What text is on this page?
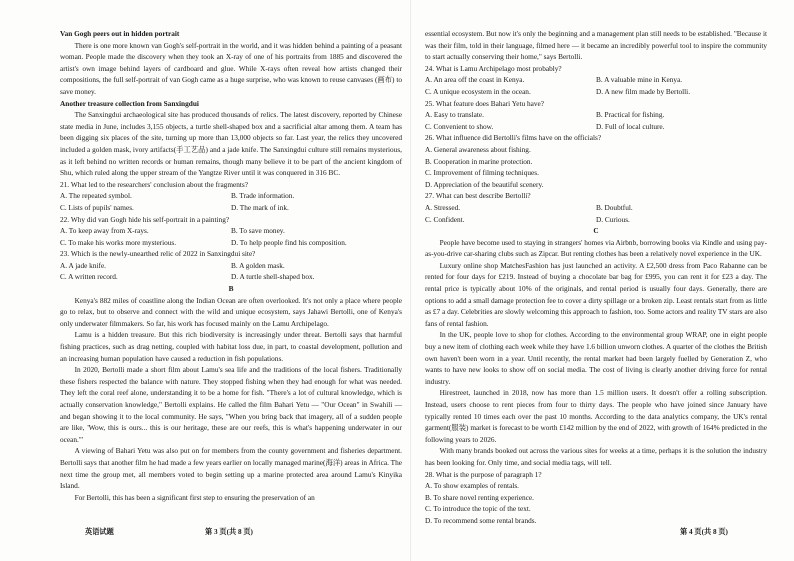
Van Gogh peers out in hidden portrait

There is one more known van Gogh's self-portrait in the world, and it was hidden behind a painting of a peasant woman. People made the discovery when they took an X-ray of one of his portraits from 1885 and discovered the artist's own image behind layers of cardboard and glue. While X-rays often reveal how artists changed their compositions, the full self-portrait of van Gogh came as a huge surprise, who was known to reuse canvases (画布) to save money.

Another treasure collection from Sanxingdui

The Sanxingdui archaeological site has produced thousands of relics. The latest discovery, reported by Chinese state media in June, includes 3,155 objects, a turtle shell-shaped box and a sacrificial altar among them. A team has been digging six places of the site, turning up more than 13,000 objects so far. Last year, the relics they uncovered included a golden mask, ivory artifacts(手工艺品) and a jade knife. The Sanxingdui culture still remains mysterious, as it left behind no written records or human remains, though many believe it to be part of the ancient kingdom of Shu, which ruled along the upper stream of the Yangtze River until it was conquered in 316 BC.

21. What led to the researchers' conclusion about the fragments?

A. The repeated symbol.	B. Trade information.
C. Lists of pupils' names.	D. The mark of ink.

22. Why did van Gogh hide his self-portrait in a painting?

A. To keep away from X-rays.	B. To save money.
C. To make his works more mysterious.	D. To help people find his composition.

23. Which is the newly-unearthed relic of 2022 in Sanxingdui site?

A. A jade knife.	B. A golden mask.
C. A written record.	D. A turtle shell-shaped box.

B

Kenya's 882 miles of coastline along the Indian Ocean are often overlooked. It's not only a place where people go to relax, but to observe and connect with the wild and unique ecosystem, says Jahawi Bertolli, one of Kenya's only underwater filmmakers. So far, his work has focused mainly on the Lamu Archipelago.

Lamu is a hidden treasure. But this rich biodiversity is increasingly under threat. Bertolli says that harmful fishing practices, such as drag netting, coupled with habitat loss due, in part, to coastal development, pollution and an increasing human population have caused a reduction in fish populations.

In 2020, Bertolli made a short film about Lamu's sea life and the traditions of the local fishers. Traditionally these fishers respected the balance with nature. They stopped fishing when they had enough for what was needed. They left the coral reef alone, understanding it to be a home for fish. "There's a lot of cultural knowledge, which is actually conservation knowledge," Bertolli explains. He called the film Bahari Yetu — "Our Ocean" in Swahili — and began showing it to the local community. He says, "When you bring back that imagery, all of a sudden people are like, 'Wow, this is ours... this is our heritage, these are our reefs, this is what's happening underwater in our ocean.'"

A viewing of Bahari Yetu was also put on for members from the county government and fisheries department. Bertolli says that another film he had made a few years earlier on locally managed marine(海洋) areas in Africa. The next time the group met, all members voted to begin setting up a marine protected area around Lamu's Kinyika Island.

For Bertolli, this has been a significant first step to ensuring the preservation of an

essential ecosystem. But now it's only the beginning and a management plan still needs to be established. "Because it was their film, told in their language, filmed here — it became an incredibly powerful tool to inspire the community to start actually conserving their home," says Bertolli.

24. What is Lamu Archipelago most probably?

A. An area off the coast in Kenya.	B. A valuable mine in Kenya.
C. A unique ecosystem in the ocean.	D. A new film made by Bertolli.

25. What feature does Bahari Yetu have?

A. Easy to translate.	B. Practical for fishing.
C. Convenient to show.	D. Full of local culture.

26. What influence did Bertolli's films have on the officials?

A. General awareness about fishing.
B. Cooperation in marine protection.
C. Improvement of filming techniques.
D. Appreciation of the beautiful scenery.

27. What can best describe Bertolli?

A. Stressed.	B. Doubtful.
C. Confident.	D. Curious.

C

People have become used to staying in strangers' homes via Airbnb, borrowing books via Kindle and using pay-as-you-drive car-sharing clubs such as Zipcar. But renting clothes has been a relatively novel experience in the UK.

Luxury online shop MatchesFashion has just launched an activity. A £2,500 dress from Paco Rabanne can be rented for four days for £219. Instead of buying a chocolate bar bag for £995, you can rent it for £23 a day. The rental price is typically about 10% of the originals, and rental period is usually four days. Generally, there are options to add a small damage protection fee to cover a dirty spillage or a broken zip. Least rentals start from as little as £7 a day. Celebrities are slowly welcoming this approach to fashion, too. Some actors and reality TV stars are also fans of rental fashion.

In the UK, people love to shop for clothes. According to the environmental group WRAP, one in eight people buy a new item of clothing each week while they have 1.6 billion unworn clothes. A quarter of the clothes the British own haven't been worn in a year. Until recently, the rental market had been largely fuelled by Generation Z, who wants to have new looks to show off on social media. The cost of living is clearly another driving force for rental industry.

Hirestreet, launched in 2018, now has more than 1.5 million users. It doesn't offer a rolling subscription. Instead, users choose to rent pieces from four to thirty days. The people who have joined since January have typically rented 10 times each over the past 10 months. According to the data analytics company, the UK's rental garment(服装) market is forecast to be worth £142 million by the end of 2022, with growth of 164% predicted in the following years to 2026.

With many brands booked out across the various sites for weeks at a time, perhaps it is the solution the industry has been looking for. Only time, and social media tags, will tell.

28. What is the purpose of paragraph 1?

A. To show examples of rentals.
B. To share novel renting experience.
C. To introduce the topic of the text.
D. To recommend some rental brands.
英语试题	第 3 页(共 8 页)	第 4 页(共 8 页)
